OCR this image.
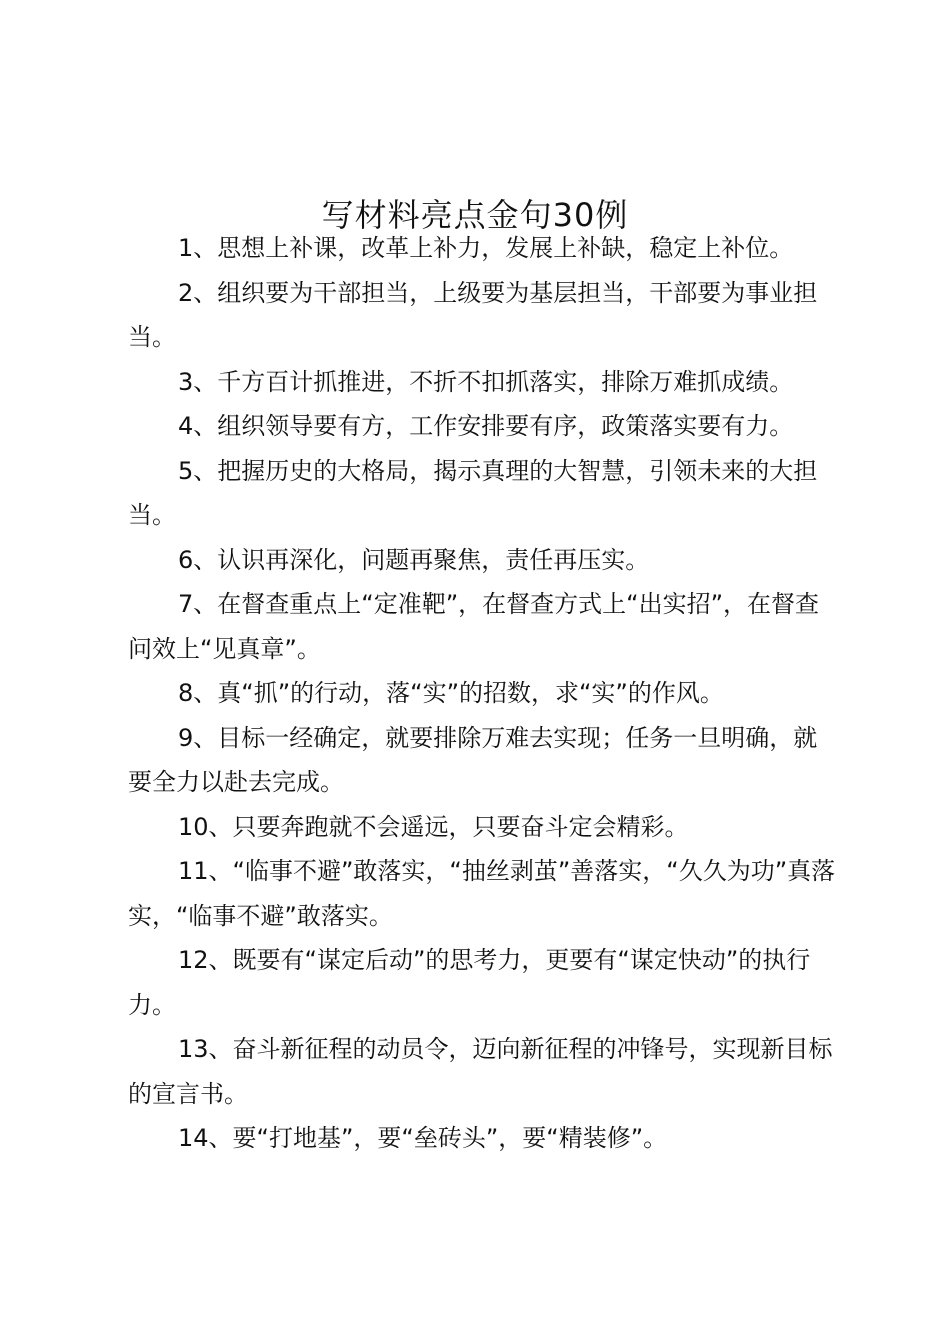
写材料亮点金句30例

1、思想上补课，改革上补力，发展上补缺，稳定上补位。

2、组织要为干部担当，上级要为基层担当，干部要为事业担当。

3、千方百计抓推进，不折不扣抓落实，排除万难抓成绩。

4、组织领导要有方，工作安排要有序，政策落实要有力。

5、把握历史的大格局，揭示真理的大智慧，引领未来的大担当。

6、认识再深化，问题再聚焦，责任再压实。

7、在督查重点上“定准靶”，在督查方式上“出实招”，在督查问效上“见真章”。

8、真“抓”的行动，落“实”的招数，求“实”的作风。

9、目标一经确定，就要排除万难去实现；任务一旦明确，就要全力以赴去完成。

10、只要奔跑就不会遥远，只要奋斗定会精彩。

11、“临事不避”敢落实，“抽丝剥茧”善落实，“久久为功”真落实，“临事不避”敢落实。

12、既要有“谋定后动”的思考力，更要有“谋定快动”的执行力。

13、奋斗新征程的动员令，迈向新征程的冲锋号，实现新目标的宣言书。

14、要“打地基”，要“垒砖头”，要“精装修”。
